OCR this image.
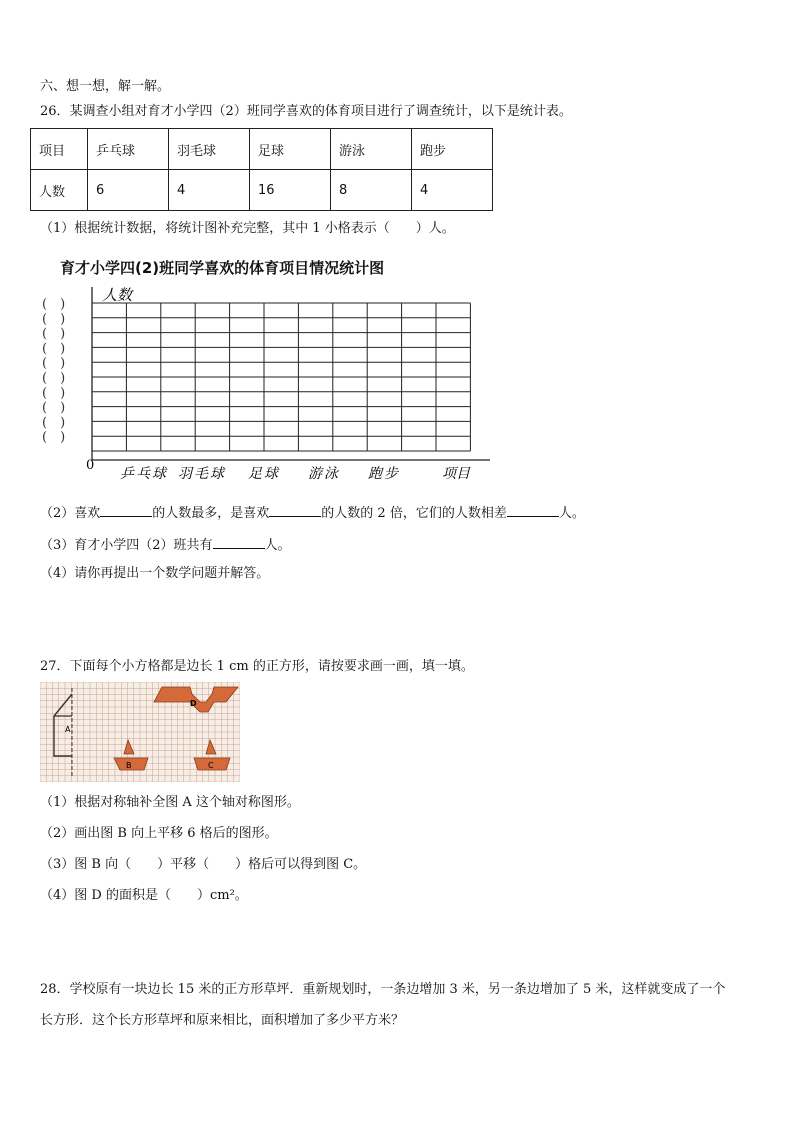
六、想一想，解一解。
26．某调查小组对育才小学四（2）班同学喜欢的体育项目进行了调查统计，以下是统计表。
项目	乒乓球	羽毛球	足球	游泳	跑步
人数	6	4	16	8	4
（1）根据统计数据，将统计图补充完整，其中 1 小格表示（　　）人。
育才小学四(2)班同学喜欢的体育项目情况统计图
(　)
(　)
(　)
(　)
(　)
(　)
(　)
(　)
(　)
(　)
人数
0
乒乓球 羽毛球 足球 游泳 跑步	项目
（2）喜欢	的人数最多，是喜欢	的人数的 2 倍，它们的人数相差	人。
（3）育才小学四（2）班共有	人。
（4）请你再提出一个数学问题并解答。
27．下面每个小方格都是边长 1 cm 的正方形，请按要求画一画，填一填。
A
D
B	C
（1）根据对称轴补全图 A 这个轴对称图形。
（2）画出图 B 向上平移 6 格后的图形。
（3）图 B 向（　　）平移（　　）格后可以得到图 C。
（4）图 D 的面积是（　　）cm²。
28．学校原有一块边长 15 米的正方形草坪．重新规划时，一条边增加 3 米，另一条边增加了 5 米，这样就变成了一个
长方形．这个长方形草坪和原来相比，面积增加了多少平方米？
